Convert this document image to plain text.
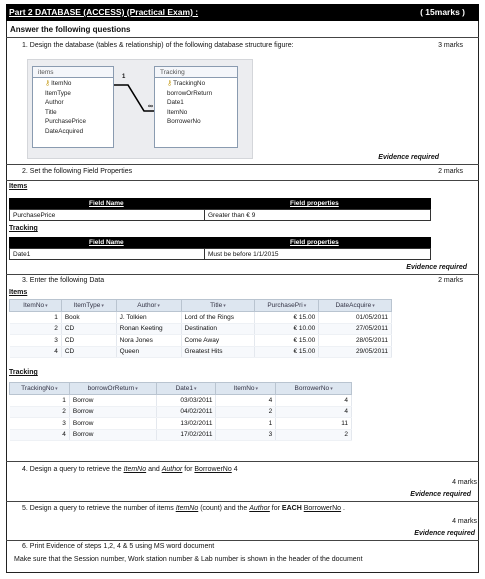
Part 2 DATABASE (ACCESS) (Practical Exam) :	( 15marks )
Answer the following questions
1. Design the database (tables & relationship) of the following database structure figure:	3 marks
items
⚷ItemNo
ItemType
Author
Title
PurchasePrice
DateAcquired
1
∞
Tracking
⚷TrackingNo
borrowOrReturn
Date1
ItemNo
BorrowerNo
Evidence required
2. Set the following Field Properties	2 marks
Items
Field Name	Field properties
PurchasePrice	Greater than € 9
Tracking
Field Name	Field properties
Date1	Must be before 1/1/2015
Evidence required
3. Enter the following Data	2 marks
Items
ItemNo▾	ItemType▾	Author▾	Title▾	PurchasePri▾	DateAcquire▾
1	Book	J. Tolkien	Lord of the Rings	€ 15.00	01/05/2011
2	CD	Ronan Keeting	Destination	€ 10.00	27/05/2011
3	CD	Nora Jones	Come Away	€ 15.00	28/05/2011
4	CD	Queen	Greatest Hits	€ 15.00	29/05/2011
Tracking
TrackingNo▾	borrowOrReturn▾	Date1▾	ItemNo▾	BorrowerNo▾
1	Borrow	03/03/2011	4	4
2	Borrow	04/02/2011	2	4
3	Borrow	13/02/2011	1	11
4	Borrow	17/02/2011	3	2
4. Design a query to retrieve the ItemNo and Author for BorrowerNo 4
4 marks
Evidence required
5. Design a query to retrieve the number of items ItemNo (count) and the Author for EACH BorrowerNo .
4 marks
Evidence required
6. Print Evidence of steps 1,2, 4 & 5 using MS word document
Make sure that the Session number, Work station number & Lab number is shown in the header of the document
